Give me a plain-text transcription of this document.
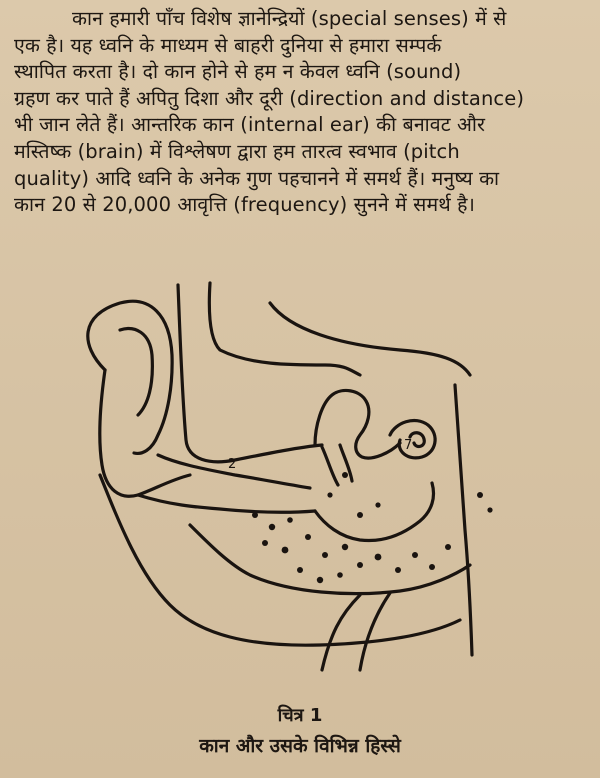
कान हमारी पाँच विशेष ज्ञानेन्द्रियों (special senses) में से
एक है। यह ध्वनि के माध्यम से बाहरी दुनिया से हमारा सम्पर्क
स्थापित करता है। दो कान होने से हम न केवल ध्वनि (sound)
ग्रहण कर पाते हैं अपितु दिशा और दूरी (direction and distance)
भी जान लेते हैं। आन्तरिक कान (internal ear) की बनावट और
मस्तिष्क (brain) में विश्लेषण द्वारा हम तारत्व स्वभाव (pitch
quality) आदि ध्वनि के अनेक गुण पहचानने में समर्थ हैं। मनुष्य का
कान 20 से 20,000 आवृत्ति (frequency) सुनने में समर्थ है।
2
7
चित्र 1
कान और उसके विभिन्न हिस्से
